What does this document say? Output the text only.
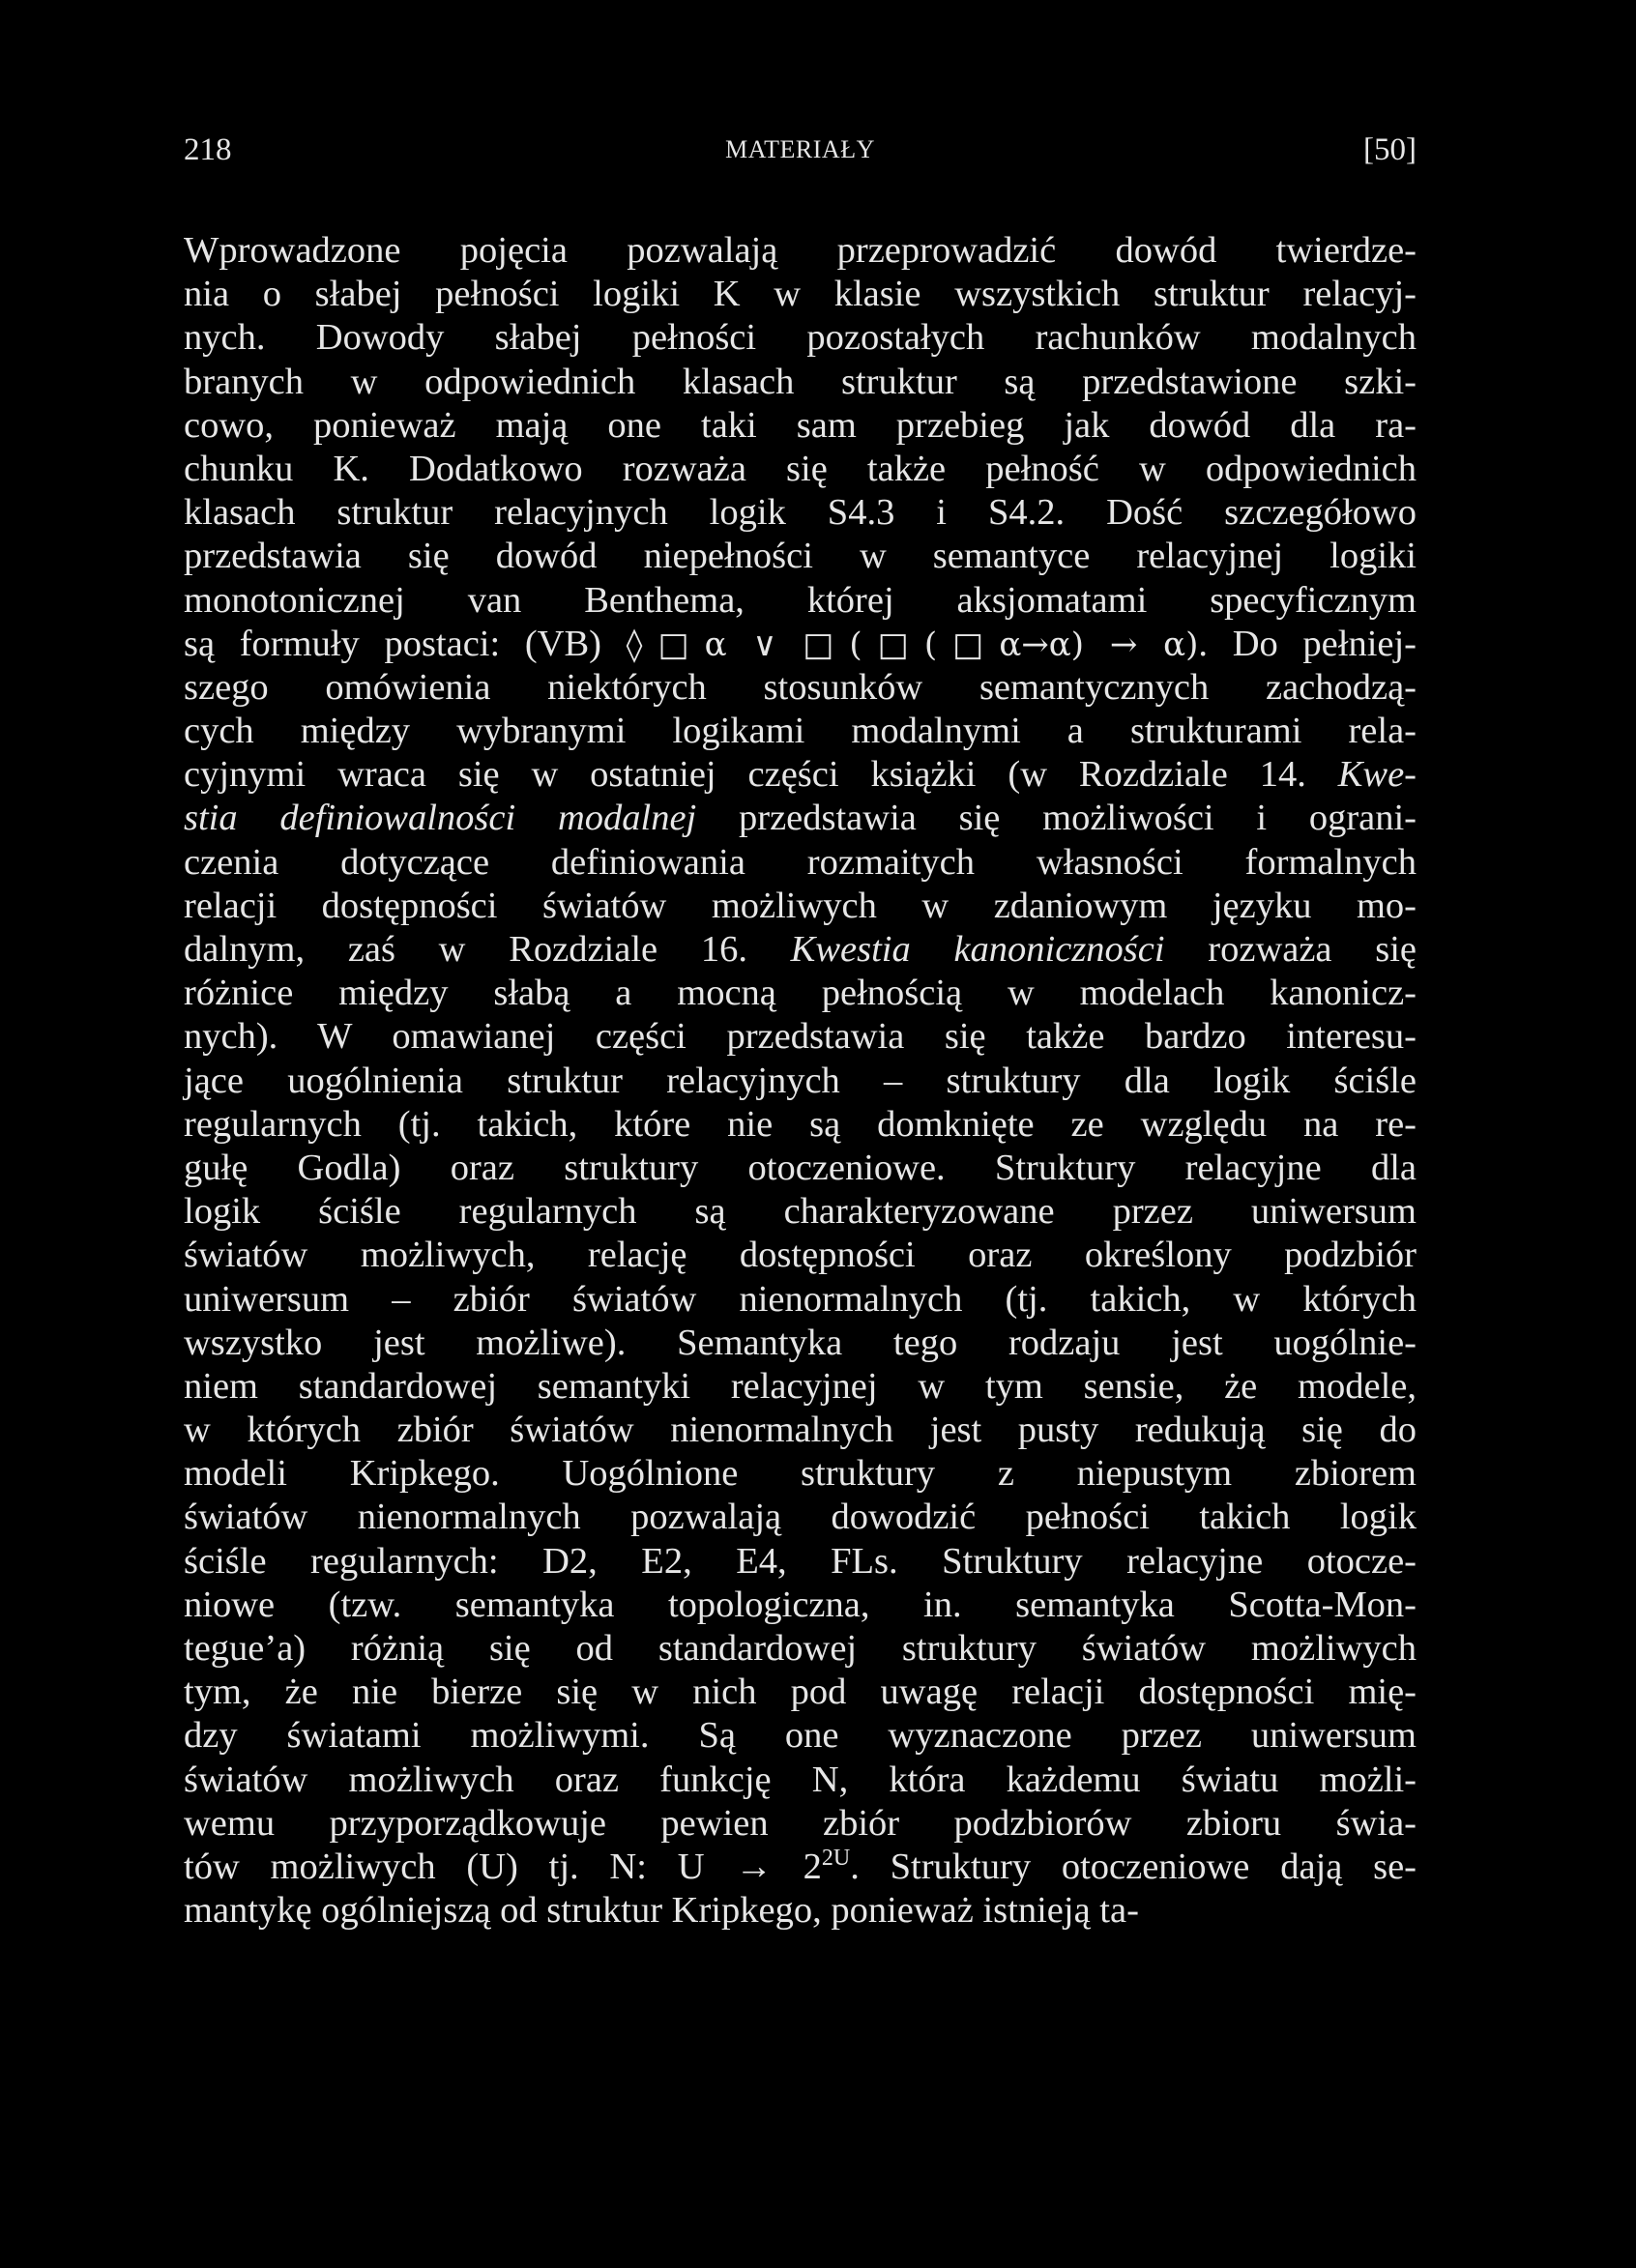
218	MATERIAŁY	[50]
Wprowadzone pojęcia pozwalają przeprowadzić dowód twierdze-
nia o słabej pełności logiki K w klasie wszystkich struktur relacyj-
nych. Dowody słabej pełności pozostałych rachunków modalnych
branych w odpowiednich klasach struktur są przedstawione szki-
cowo, ponieważ mają one taki sam przebieg jak dowód dla ra-
chunku K. Dodatkowo rozważa się także pełność w odpowiednich
klasach struktur relacyjnych logik S4.3 i S4.2. Dość szczegółowo
przedstawia się dowód niepełności w semantyce relacyjnej logiki
monotonicznej van Benthema, której aksjomatami specyficznym
są formuły postaci: (VB) ◊□α ∨ □(□(□α→α) → α). Do pełniej-
szego omówienia niektórych stosunków semantycznych zachodzą-
cych między wybranymi logikami modalnymi a strukturami rela-
cyjnymi wraca się w ostatniej części książki (w Rozdziale 14. Kwe-
stia definiowalności modalnej przedstawia się możliwości i ograni-
czenia dotyczące definiowania rozmaitych własności formalnych
relacji dostępności światów możliwych w zdaniowym języku mo-
dalnym, zaś w Rozdziale 16. Kwestia kanoniczności rozważa się
różnice między słabą a mocną pełnością w modelach kanonicz-
nych). W omawianej części przedstawia się także bardzo interesu-
jące uogólnienia struktur relacyjnych – struktury dla logik ściśle
regularnych (tj. takich, które nie są domknięte ze względu na re-
gułę Godla) oraz struktury otoczeniowe. Struktury relacyjne dla
logik ściśle regularnych są charakteryzowane przez uniwersum
światów możliwych, relację dostępności oraz określony podzbiór
uniwersum – zbiór światów nienormalnych (tj. takich, w których
wszystko jest możliwe). Semantyka tego rodzaju jest uogólnie-
niem standardowej semantyki relacyjnej w tym sensie, że modele,
w których zbiór światów nienormalnych jest pusty redukują się do
modeli Kripkego. Uogólnione struktury z niepustym zbiorem
światów nienormalnych pozwalają dowodzić pełności takich logik
ściśle regularnych: D2, E2, E4, FLs. Struktury relacyjne otocze-
niowe (tzw. semantyka topologiczna, in. semantyka Scotta-Mon-
tegue’a) różnią się od standardowej struktury światów możliwych
tym, że nie bierze się w nich pod uwagę relacji dostępności mię-
dzy światami możliwymi. Są one wyznaczone przez uniwersum
światów możliwych oraz funkcję N, która każdemu światu możli-
wemu przyporządkowuje pewien zbiór podzbiorów zbioru świa-
tów możliwych (U) tj. N: $U \to 2^{2U}$. Struktury otoczeniowe dają se-
mantykę ogólniejszą od struktur Kripkego, ponieważ istnieją ta-
